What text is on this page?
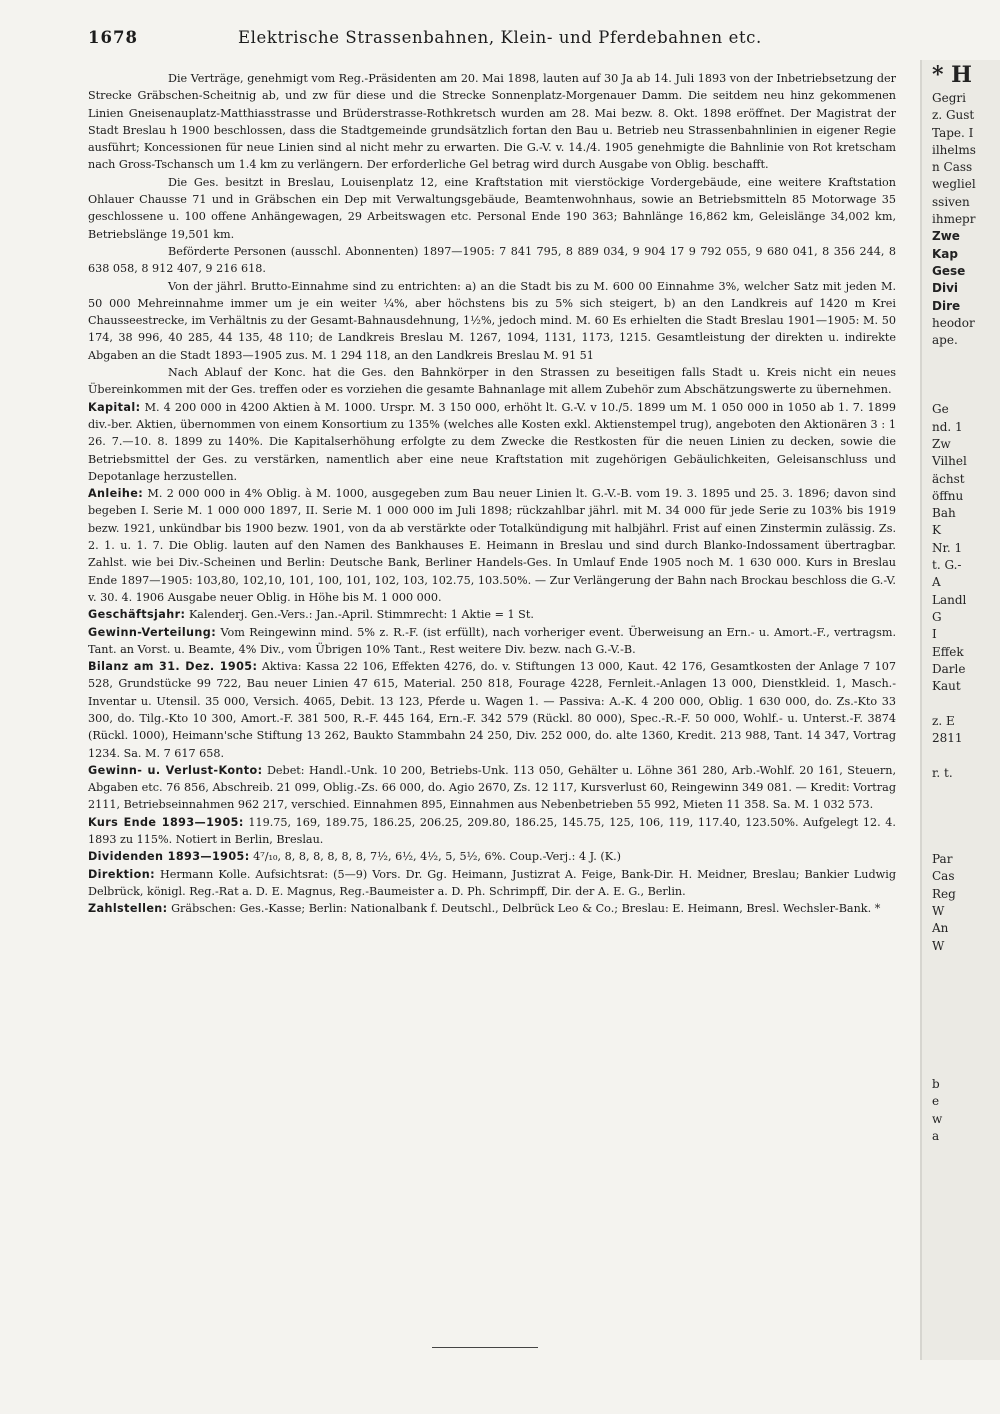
1678	Elektrische Strassenbahnen, Klein- und Pferdebahnen etc.

Die Verträge, genehmigt vom Reg.-Präsidenten am 20. Mai 1898, lauten auf 30 Ja ab 14. Juli 1893 von der Inbetriebsetzung der Strecke Gräbschen-Scheitnig ab, und zw für diese und die Strecke Sonnenplatz-Morgenauer Damm. Die seitdem neu hinz gekommenen Linien Gneisenauplatz-Matthiasstrasse und Brüderstrasse-Rothkretsch wurden am 28. Mai bezw. 8. Okt. 1898 eröffnet. Der Magistrat der Stadt Breslau h 1900 beschlossen, dass die Stadtgemeinde grundsätzlich fortan den Bau u. Betrieb neu Strassenbahnlinien in eigener Regie ausführt; Koncessionen für neue Linien sind al nicht mehr zu erwarten. Die G.-V. v. 14./4. 1905 genehmigte die Bahnlinie von Rot kretscham nach Gross-Tschansch um 1.4 km zu verlängern. Der erforderliche Gel betrag wird durch Ausgabe von Oblig. beschafft.

Die Ges. besitzt in Breslau, Louisenplatz 12, eine Kraftstation mit vierstöckige Vordergebäude, eine weitere Kraftstation Ohlauer Chausse 71 und in Gräbschen ein Dep mit Verwaltungsgebäude, Beamtenwohnhaus, sowie an Betriebsmitteln 85 Motorwage 35 geschlossene u. 100 offene Anhängewagen, 29 Arbeitswagen etc. Personal Ende 190 363; Bahnlänge 16,862 km, Geleislänge 34,002 km, Betriebslänge 19,501 km.

Beförderte Personen (ausschl. Abonnenten) 1897—1905: 7 841 795, 8 889 034, 9 904 17 9 792 055, 9 680 041, 8 356 244, 8 638 058, 8 912 407, 9 216 618.

Von der jährl. Brutto-Einnahme sind zu entrichten: a) an die Stadt bis zu M. 600 00 Einnahme 3%, welcher Satz mit jeden M. 50 000 Mehreinnahme immer um je ein weiter ¼%, aber höchstens bis zu 5% sich steigert, b) an den Landkreis auf 1420 m Krei Chausseestrecke, im Verhältnis zu der Gesamt-Bahnausdehnung, 1½%, jedoch mind. M. 60 Es erhielten die Stadt Breslau 1901—1905: M. 50 174, 38 996, 40 285, 44 135, 48 110; de Landkreis Breslau M. 1267, 1094, 1131, 1173, 1215. Gesamtleistung der direkten u. indirekte Abgaben an die Stadt 1893—1905 zus. M. 1 294 118, an den Landkreis Breslau M. 91 51

Nach Ablauf der Konc. hat die Ges. den Bahnkörper in den Strassen zu beseitigen falls Stadt u. Kreis nicht ein neues Übereinkommen mit der Ges. treffen oder es vorziehen die gesamte Bahnanlage mit allem Zubehör zum Abschätzungswerte zu übernehmen.

Kapital: M. 4 200 000 in 4200 Aktien à M. 1000. Urspr. M. 3 150 000, erhöht lt. G.-V. v 10./5. 1899 um M. 1 050 000 in 1050 ab 1. 7. 1899 div.-ber. Aktien, übernommen von einem Konsortium zu 135% (welches alle Kosten exkl. Aktienstempel trug), angeboten den Aktionären 3 : 1 26. 7.—10. 8. 1899 zu 140%. Die Kapitalserhöhung erfolgte zu dem Zwecke die Restkosten für die neuen Linien zu decken, sowie die Betriebsmittel der Ges. zu verstärken, namentlich aber eine neue Kraftstation mit zugehörigen Gebäulichkeiten, Geleisanschluss und Depotanlage herzustellen.

Anleihe: M. 2 000 000 in 4% Oblig. à M. 1000, ausgegeben zum Bau neuer Linien lt. G.-V.-B. vom 19. 3. 1895 und 25. 3. 1896; davon sind begeben I. Serie M. 1 000 000 1897, II. Serie M. 1 000 000 im Juli 1898; rückzahlbar jährl. mit M. 34 000 für jede Serie zu 103% bis 1919 bezw. 1921, unkündbar bis 1900 bezw. 1901, von da ab verstärkte oder Totalkündigung mit halbjährl. Frist auf einen Zinstermin zulässig. Zs. 2. 1. u. 1. 7. Die Oblig. lauten auf den Namen des Bankhauses E. Heimann in Breslau und sind durch Blanko-Indossament übertragbar. Zahlst. wie bei Div.-Scheinen und Berlin: Deutsche Bank, Berliner Handels-Ges. In Umlauf Ende 1905 noch M. 1 630 000. Kurs in Breslau Ende 1897—1905: 103,80, 102,10, 101, 100, 101, 102, 103, 102.75, 103.50%. — Zur Verlängerung der Bahn nach Brockau beschloss die G.-V. v. 30. 4. 1906 Ausgabe neuer Oblig. in Höhe bis M. 1 000 000.

Geschäftsjahr: Kalenderj. Gen.-Vers.: Jan.-April. Stimmrecht: 1 Aktie = 1 St.

Gewinn-Verteilung: Vom Reingewinn mind. 5% z. R.-F. (ist erfüllt), nach vorheriger event. Überweisung an Ern.- u. Amort.-F., vertragsm. Tant. an Vorst. u. Beamte, 4% Div., vom Übrigen 10% Tant., Rest weitere Div. bezw. nach G.-V.-B.

Bilanz am 31. Dez. 1905: Aktiva: Kassa 22 106, Effekten 4276, do. v. Stiftungen 13 000, Kaut. 42 176, Gesamtkosten der Anlage 7 107 528, Grundstücke 99 722, Bau neuer Linien 47 615, Material. 250 818, Fourage 4228, Fernleit.-Anlagen 13 000, Dienstkleid. 1, Masch.-Inventar u. Utensil. 35 000, Versich. 4065, Debit. 13 123, Pferde u. Wagen 1. — Passiva: A.-K. 4 200 000, Oblig. 1 630 000, do. Zs.-Kto 33 300, do. Tilg.-Kto 10 300, Amort.-F. 381 500, R.-F. 445 164, Ern.-F. 342 579 (Rückl. 80 000), Spec.-R.-F. 50 000, Wohlf.- u. Unterst.-F. 3874 (Rückl. 1000), Heimann'sche Stiftung 13 262, Baukto Stammbahn 24 250, Div. 252 000, do. alte 1360, Kredit. 213 988, Tant. 14 347, Vortrag 1234. Sa. M. 7 617 658.

Gewinn- u. Verlust-Konto: Debet: Handl.-Unk. 10 200, Betriebs-Unk. 113 050, Gehälter u. Löhne 361 280, Arb.-Wohlf. 20 161, Steuern, Abgaben etc. 76 856, Abschreib. 21 099, Oblig.-Zs. 66 000, do. Agio 2670, Zs. 12 117, Kursverlust 60, Reingewinn 349 081. — Kredit: Vortrag 2111, Betriebseinnahmen 962 217, verschied. Einnahmen 895, Einnahmen aus Nebenbetrieben 55 992, Mieten 11 358. Sa. M. 1 032 573.

Kurs Ende 1893—1905: 119.75, 169, 189.75, 186.25, 206.25, 209.80, 186.25, 145.75, 125, 106, 119, 117.40, 123.50%. Aufgelegt 12. 4. 1893 zu 115%. Notiert in Berlin, Breslau.

Dividenden 1893—1905: 4⁷/₁₀, 8, 8, 8, 8, 8, 8, 7½, 6½, 4½, 5, 5½, 6%. Coup.-Verj.: 4 J. (K.)

Direktion: Hermann Kolle. Aufsichtsrat: (5—9) Vors. Dr. Gg. Heimann, Justizrat A. Feige, Bank-Dir. H. Meidner, Breslau; Bankier Ludwig Delbrück, königl. Reg.-Rat a. D. E. Magnus, Reg.-Baumeister a. D. Ph. Schrimpff, Dir. der A. E. G., Berlin.

Zahlstellen: Gräbschen: Ges.-Kasse; Berlin: Nationalbank f. Deutschl., Delbrück Leo & Co.; Breslau: E. Heimann, Bresl. Wechsler-Bank. *

* H
Gegri
z. Gust
Tape. I
ilhelms
n Cass
wegliel
ssiven
ihmepr
Zwe
Kap
Gese
Divi
Dire
heodor
ape.
Ge
nd. 1
Zw
Vilhel
ächst
öffnu
Bah
K
Nr. 1
t. G.-
A
Landl
G
I
Effek
Darle
Kaut
z. E
2811
r. t.
Par
Cas
Reg
W
An
W
b
e
w
a
